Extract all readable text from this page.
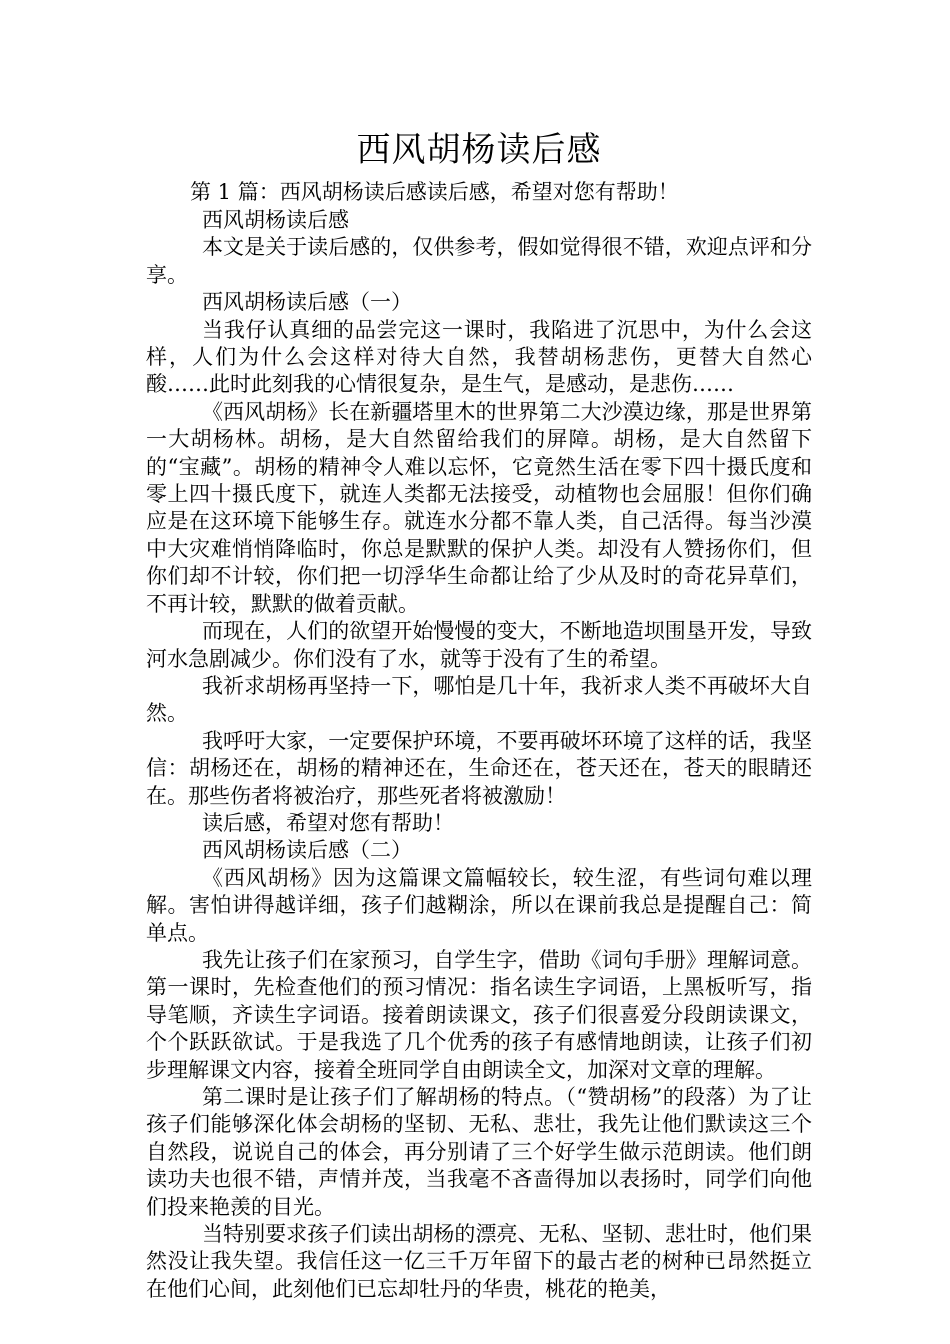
西风胡杨读后感

第 1 篇：西风胡杨读后感读后感，希望对您有帮助！

西风胡杨读后感

本文是关于读后感的，仅供参考，假如觉得很不错，欢迎点评和分享。

西风胡杨读后感（一）

当我仔认真细的品尝完这一课时，我陷进了沉思中，为什么会这样，人们为什么会这样对待大自然，我替胡杨悲伤，更替大自然心酸……此时此刻我的心情很复杂，是生气，是感动，是悲伤……

《西风胡杨》长在新疆塔里木的世界第二大沙漠边缘，那是世界第一大胡杨林。胡杨，是大自然留给我们的屏障。胡杨，是大自然留下的“宝藏”。胡杨的精神令人难以忘怀，它竟然生活在零下四十摄氏度和零上四十摄氏度下，就连人类都无法接受，动植物也会屈服！但你们确应是在这环境下能够生存。就连水分都不靠人类，自己活得。每当沙漠中大灾难悄悄降临时，你总是默默的保护人类。却没有人赞扬你们，但你们却不计较，你们把一切浮华生命都让给了少从及时的奇花异草们，不再计较，默默的做着贡献。

而现在，人们的欲望开始慢慢的变大，不断地造坝围垦开发，导致河水急剧减少。你们没有了水，就等于没有了生的希望。

我祈求胡杨再坚持一下，哪怕是几十年，我祈求人类不再破坏大自然。

我呼吁大家，一定要保护环境，不要再破坏环境了这样的话，我坚信：胡杨还在，胡杨的精神还在，生命还在，苍天还在，苍天的眼睛还在。那些伤者将被治疗，那些死者将被激励！

读后感，希望对您有帮助！

西风胡杨读后感（二）

《西风胡杨》因为这篇课文篇幅较长，较生涩，有些词句难以理解。害怕讲得越详细，孩子们越糊涂，所以在课前我总是提醒自己：简单点。

我先让孩子们在家预习，自学生字，借助《词句手册》理解词意。第一课时，先检查他们的预习情况：指名读生字词语，上黑板听写，指导笔顺，齐读生字词语。接着朗读课文，孩子们很喜爱分段朗读课文，个个跃跃欲试。于是我选了几个优秀的孩子有感情地朗读，让孩子们初步理解课文内容，接着全班同学自由朗读全文，加深对文章的理解。

第二课时是让孩子们了解胡杨的特点。（“赞胡杨”的段落）为了让孩子们能够深化体会胡杨的坚韧、无私、悲壮，我先让他们默读这三个自然段，说说自己的体会，再分别请了三个好学生做示范朗读。他们朗读功夫也很不错，声情并茂，当我毫不吝啬得加以表扬时，同学们向他们投来艳羡的目光。

当特别要求孩子们读出胡杨的漂亮、无私、坚韧、悲壮时，他们果然没让我失望。我信任这一亿三千万年留下的最古老的树种已昂然挺立在他们心间，此刻他们已忘却牡丹的华贵，桃花的艳美，
